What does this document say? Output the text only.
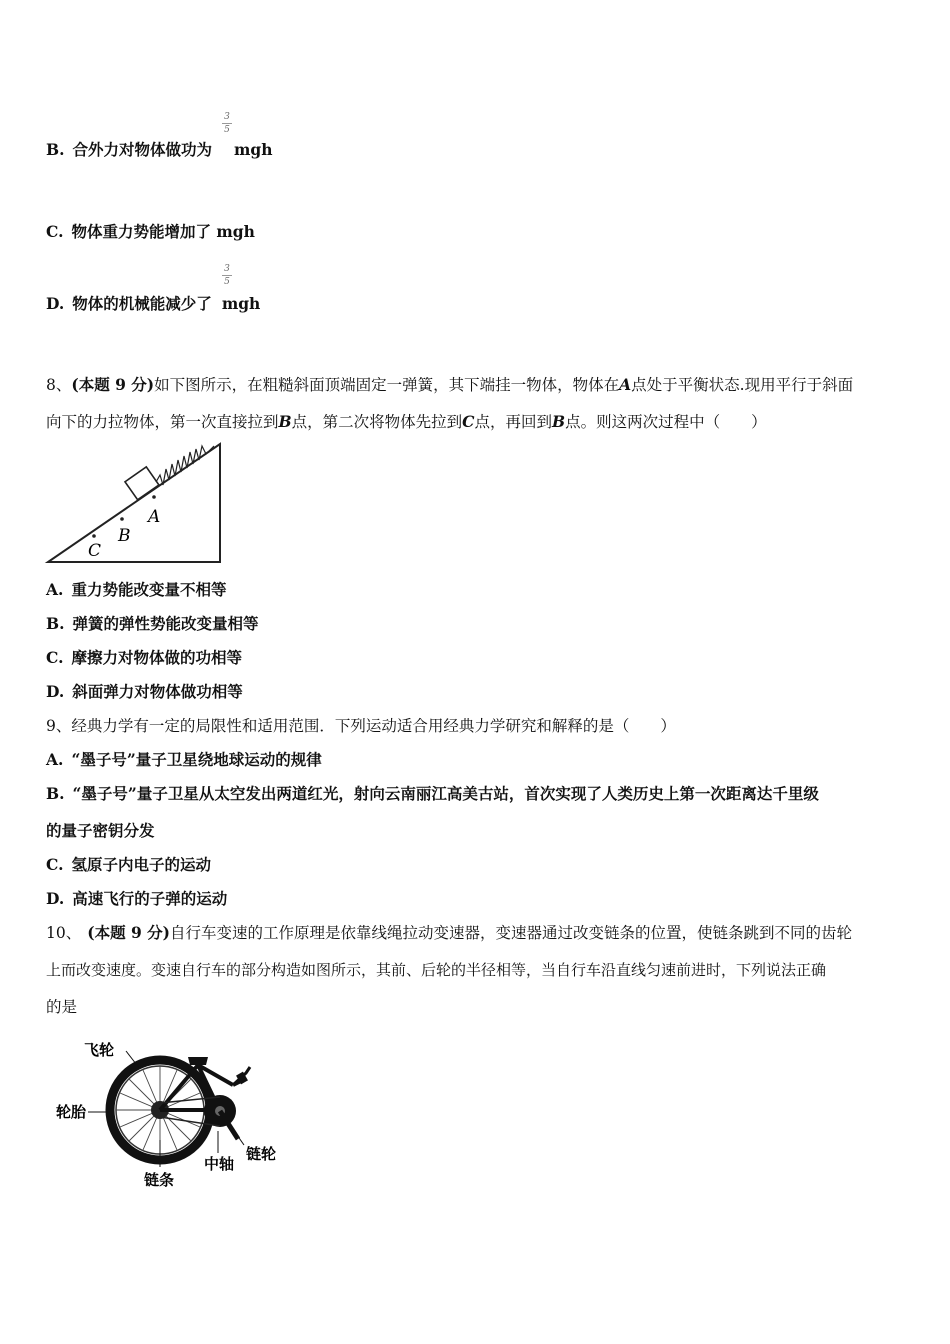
B. 合外力对物体做功为 mgh
3
5
C. 物体重力势能增加了 mgh
D. 物体的机械能减少了 mgh
3
5
8、(本题 9 分)如下图所示，在粗糙斜面顶端固定一弹簧，其下端挂一物体，物体在A点处于平衡状态.现用平行于斜面
向下的力拉物体，第一次直接拉到B点，第二次将物体先拉到C点，再回到B点。则这两次过程中（　　）
A
B
C
A. 重力势能改变量不相等
B. 弹簧的弹性势能改变量相等
C. 摩擦力对物体做的功相等
D. 斜面弹力对物体做功相等
9、经典力学有一定的局限性和适用范围．下列运动适合用经典力学研究和解释的是（　　）
A. “墨子号”量子卫星绕地球运动的规律
B. “墨子号”量子卫星从太空发出两道红光，射向云南丽江高美古站，首次实现了人类历史上第一次距离达千里级
的量子密钥分发
C. 氢原子内电子的运动
D. 高速飞行的子弹的运动
10、 (本题 9 分)自行车变速的工作原理是依靠线绳拉动变速器，变速器通过改变链条的位置，使链条跳到不同的齿轮
上而改变速度。变速自行车的部分构造如图所示，其前、后轮的半径相等，当自行车沿直线匀速前进时，下列说法正确
的是
飞轮
轮胎
链条
中轴
链轮
